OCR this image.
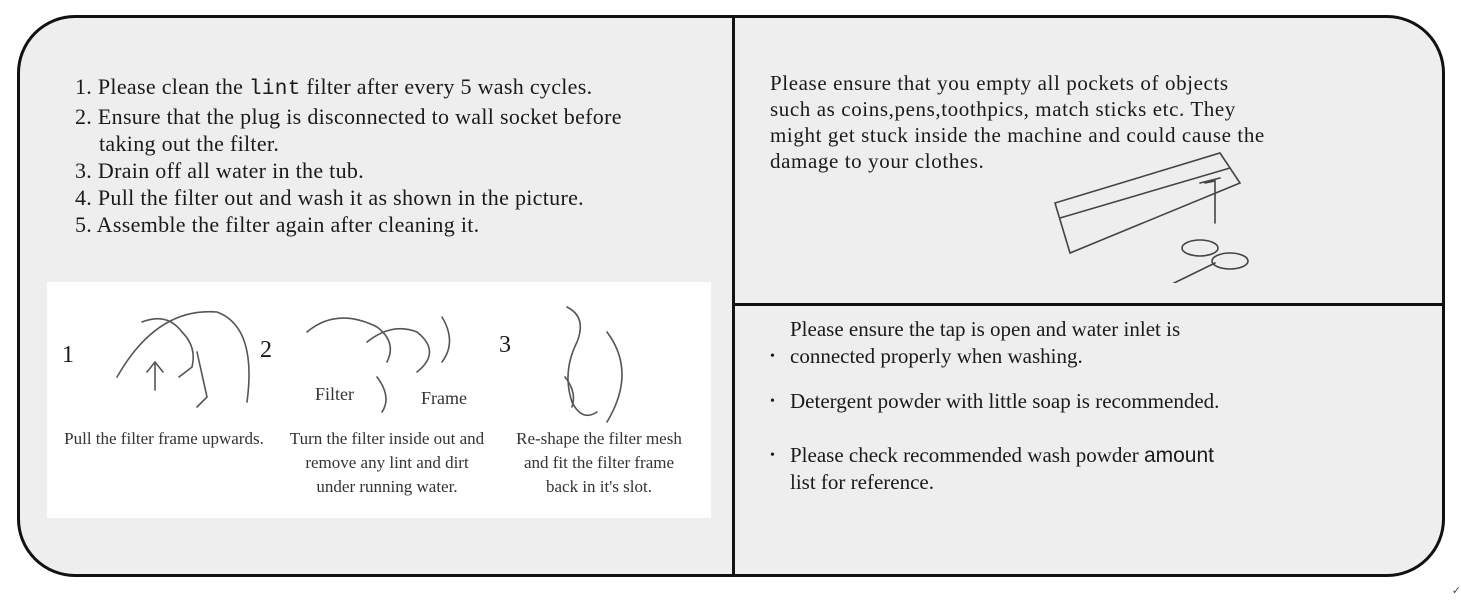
1. Please clean the lint filter after every 5 wash cycles.
2. Ensure that the plug is disconnected to wall socket before
taking out the filter.
3. Drain off all water in the tub.
4. Pull the filter out and wash it as shown in the picture.
5. Assemble the filter again after cleaning it.
1	2	3
Filter	Frame
Pull the filter frame upwards.	Turn the filter inside out and
remove any lint and dirt
under running water.
Re-shape the filter mesh
and fit the filter frame
back in it's slot.
Please ensure that you empty all pockets of objects
such as coins,pens,toothpics, match sticks etc. They
might get stuck inside the machine and could cause the
damage to your clothes.
Please ensure the tap is open and water inlet is
• connected properly when washing.
• Detergent powder with little soap is recommended.
• Please check recommended wash powder amount
list for reference.
✓
